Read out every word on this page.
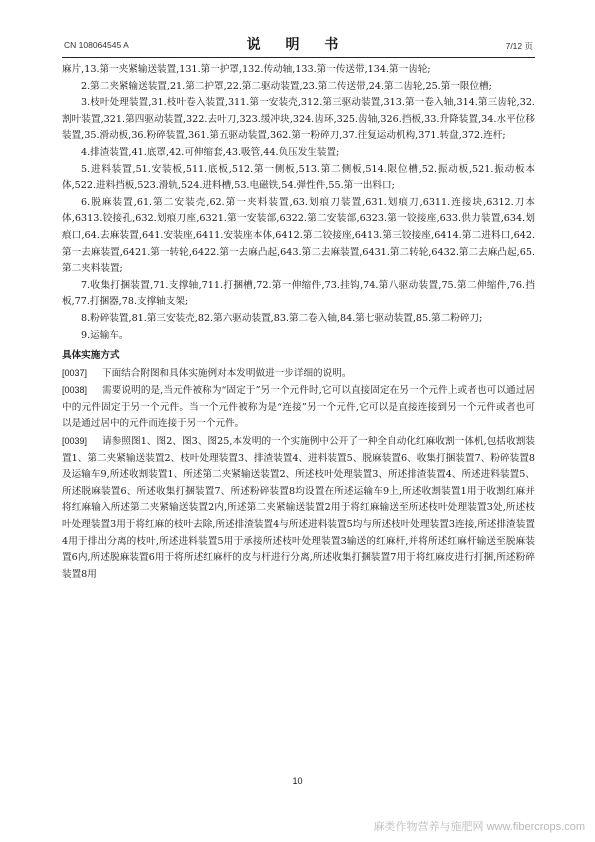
CN 108064545 A	说 明 书	7/12 页

麻片,13.第一夹紧输送装置,131.第一护罩,132.传动轴,133.第一传送带,134.第一齿轮;

2.第二夹紧输送装置,21.第二护罩,22.第二驱动装置,23.第二传送带,24.第二齿轮,25.第一限位槽;

3.枝叶处理装置,31.枝叶卷入装置,311.第一安装壳,312.第三驱动装置,313.第一卷入轴,314.第三齿轮,32.割叶装置,321.第四驱动装置,322.去叶刀,323.缓冲块,324.齿环,325.齿轴,326.挡板,33.升降装置,34.水平位移装置,35.滑动板,36.粉碎装置,361.第五驱动装置,362.第一粉碎刀,37.往复运动机构,371.转盘,372.连杆;

4.排渣装置,41.底罩,42.可伸缩套,43.吸管,44.负压发生装置;

5.进料装置,51.安装板,511.底板,512.第一侧板,513.第二侧板,514.限位槽,52.振动板,521.振动板本体,522.进料挡板,523.滑轨,524.进料槽,53.电磁铁,54.弹性件,55.第一出料口;

6.脱麻装置,61.第二安装壳,62.第一夹料装置,63.划痕刀装置,631.划痕刀,6311.连接块,6312.刀本体,6313.铰接孔,632.划痕刀座,6321.第一安装部,6322.第二安装部,6323.第一铰接座,633.供力装置,634.划痕口,64.去麻装置,641.安装座,6411.安装座本体,6412.第二铰接座,6413.第三铰接座,6414.第二进料口,642.第一去麻装置,6421.第一转轮,6422.第一去麻凸起,643.第二去麻装置,6431.第二转轮,6432.第二去麻凸起,65.第二夹料装置;

7.收集打捆装置,71.支撑轴,711.打捆槽,72.第一伸缩件,73.挂钩,74.第八驱动装置,75.第二伸缩件,76.挡板,77.打捆器,78.支撑轴支架;

8.粉碎装置,81.第三安装壳,82.第六驱动装置,83.第二卷入轴,84.第七驱动装置,85.第二粉碎刀;

9.运输车。

具体实施方式

[0037] 下面结合附图和具体实施例对本发明做进一步详细的说明。

[0038] 需要说明的是,当元件被称为“固定于”另一个元件时,它可以直接固定在另一个元件上或者也可以通过居中的元件固定于另一个元件。当一个元件被称为是“连接”另一个元件,它可以是直接连接到另一个元件或者也可以是通过居中的元件而连接于另一个元件。

[0039] 请参照图1、图2、图3、图25,本发明的一个实施例中公开了一种全自动化红麻收割一体机,包括收割装置1、第二夹紧输送装置2、枝叶处理装置3、排渣装置4、进料装置5、脱麻装置6、收集打捆装置7、粉碎装置8及运输车9,所述收割装置1、所述第二夹紧输送装置2、所述枝叶处理装置3、所述排渣装置4、所述进料装置5、所述脱麻装置6、所述收集打捆装置7、所述粉碎装置8均设置在所述运输车9上,所述收割装置1用于收割红麻并将红麻输入所述第二夹紧输送装置2内,所述第二夹紧输送装置2用于将红麻输送至所述枝叶处理装置3处,所述枝叶处理装置3用于将红麻的枝叶去除,所述排渣装置4与所述进料装置5均与所述枝叶处理装置3连接,所述排渣装置4用于排出分离的枝叶,所述进料装置5用于承接所述枝叶处理装置3输送的红麻杆,并将所述红麻杆输送至脱麻装置6内,所述脱麻装置6用于将所述红麻杆的皮与杆进行分离,所述收集打捆装置7用于将红麻皮进行打捆,所述粉碎装置8用

10
麻类作物营养与施肥网 www.fibercrops.com
